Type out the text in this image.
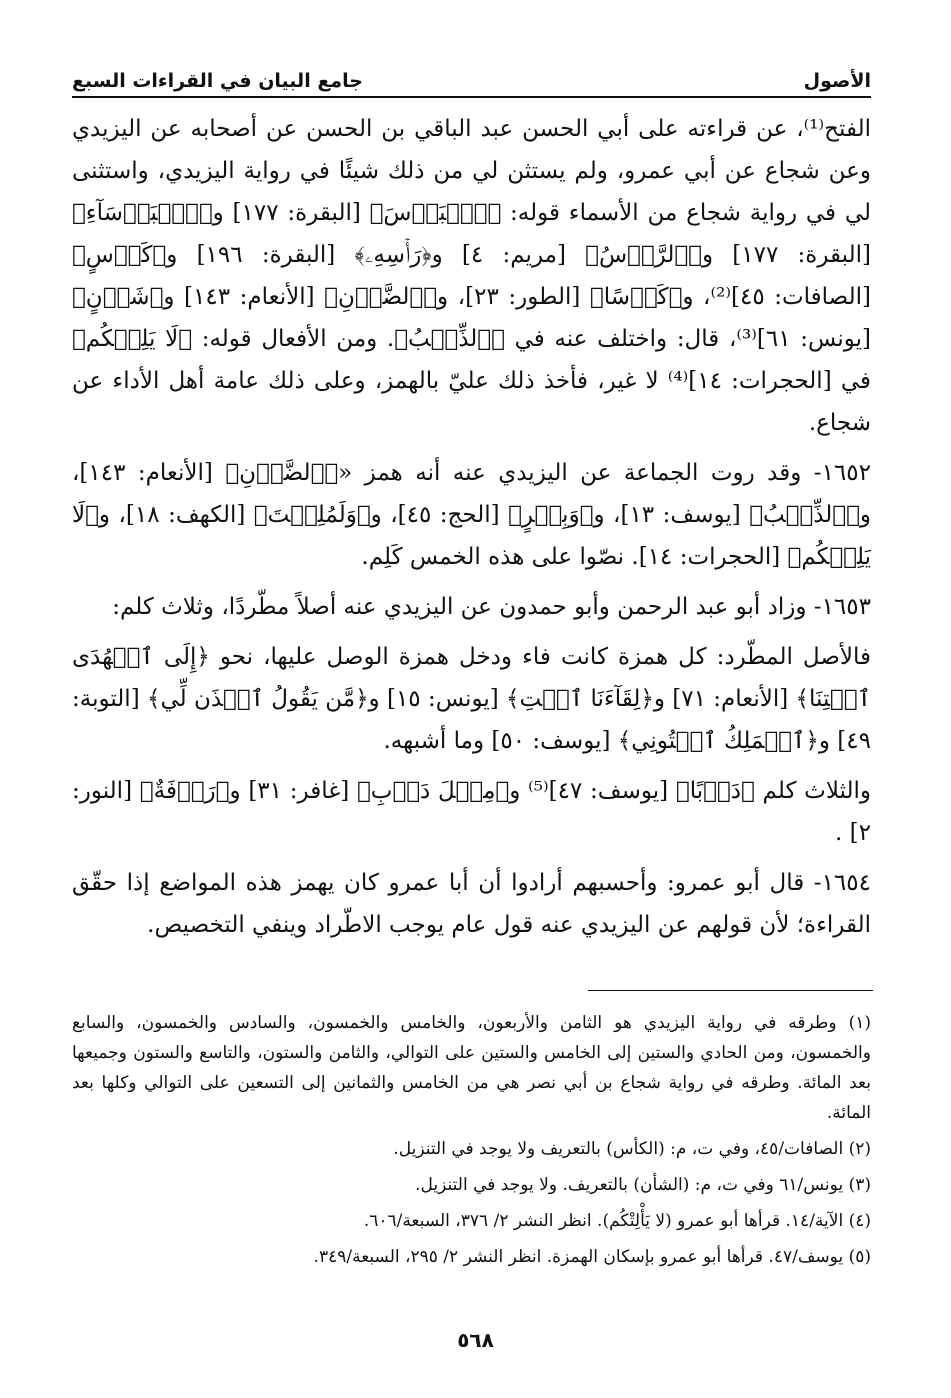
الأصول
جامع البيان في القراءات السبع

الفتح⁽¹⁾، عن قراءته على أبي الحسن عبد الباقي بن الحسن عن أصحابه عن اليزيدي وعن شجاع عن أبي عمرو، ولم يستثن لي من ذلك شيئًا في رواية اليزيدي، واستثنى لي في رواية شجاع من الأسماء قوله: ﴿ٱلۡبَأۡسَ﴾ [البقرة: ١٧٧] و﴿ٱلۡبَأۡسَآءِ﴾ [البقرة: ١٧٧] و﴿ٱلرَّأۡسُ﴾ [مريم: ٤] و﴿رَأۡسِهِۦ﴾ [البقرة: ١٩٦] و﴿كَأۡسٍ﴾ [الصافات: ٤٥]⁽²⁾، و﴿كَأۡسًا﴾ [الطور: ٢٣]، و﴿ٱلضَّأۡنِ﴾ [الأنعام: ١٤٣] و﴿شَأۡنٍ﴾ [يونس: ٦١]⁽³⁾، قال: واختلف عنه في ﴿ٱلذِّئۡبُ﴾. ومن الأفعال قوله: ﴿لَا يَلِتۡكُم﴾ في [الحجرات: ١٤]⁽⁴⁾ لا غير، فأخذ ذلك عليّ بالهمز، وعلى ذلك عامة أهل الأداء عن شجاع.

١٦٥٢- وقد روت الجماعة عن اليزيدي عنه أنه همز «﴿ٱلضَّأۡنِ﴾ [الأنعام: ١٤٣]، و﴿ٱلذِّئۡبُ﴾ [يوسف: ١٣]، و﴿وَبِئۡرٍ﴾ [الحج: ٤٥]، و﴿وَلَمُلِئۡتَ﴾ [الكهف: ١٨]، و﴿لَا يَلِتۡكُم﴾ [الحجرات: ١٤]. نصّوا على هذه الخمس كَلِم.

١٦٥٣- وزاد أبو عبد الرحمن وأبو حمدون عن اليزيدي عنه أصلاً مطّردًا، وثلاث كلم:

فالأصل المطّرد: كل همزة كانت فاء ودخل همزة الوصل عليها، نحو ﴿إِلَى ٱلۡهُدَى ٱئۡتِنَا﴾ [الأنعام: ٧١] و﴿لِقَآءَنَا ٱئۡتِ﴾ [يونس: ١٥] و﴿مَّن يَقُولُ ٱئۡذَن لِّي﴾ [التوبة: ٤٩] و﴿ٱلۡمَلِكُ ٱئۡتُونِي﴾ [يوسف: ٥٠] وما أشبهه.

والثلاث كلم ﴿دَأۡبًا﴾ [يوسف: ٤٧]⁽⁵⁾ و﴿مِثۡلَ دَأۡبِ﴾ [غافر: ٣١] و﴿رَأۡفَةٌ﴾ [النور: ٢] .

١٦٥٤- قال أبو عمرو: وأحسبهم أرادوا أن أبا عمرو كان يهمز هذه المواضع إذا حقّق القراءة؛ لأن قولهم عن اليزيدي عنه قول عام يوجب الاطّراد وينفي التخصيص.

(١) وطرقه في رواية اليزيدي هو الثامن والأربعون، والخامس والخمسون، والسادس والخمسون، والسابع والخمسون، ومن الحادي والستين إلى الخامس والستين على التوالي، والثامن والستون، والتاسع والستون وجميعها بعد المائة. وطرقه في رواية شجاع بن أبي نصر هي من الخامس والثمانين إلى التسعين على التوالي وكلها بعد المائة.

(٢) الصافات/٤٥، وفي ت، م: (الكأس) بالتعريف ولا يوجد في التنزيل.

(٣) يونس/٦١ وفي ت، م: (الشأن) بالتعريف. ولا يوجد في التنزيل.

(٤) الآية/١٤. قرأها أبو عمرو (لا يَأْلِتْكُم). انظر النشر ٢/ ٣٧٦، السبعة/٦٠٦.

(٥) يوسف/٤٧. قرأها أبو عمرو بإسكان الهمزة. انظر النشر ٢/ ٢٩٥، السبعة/٣٤٩.

٥٦٨
